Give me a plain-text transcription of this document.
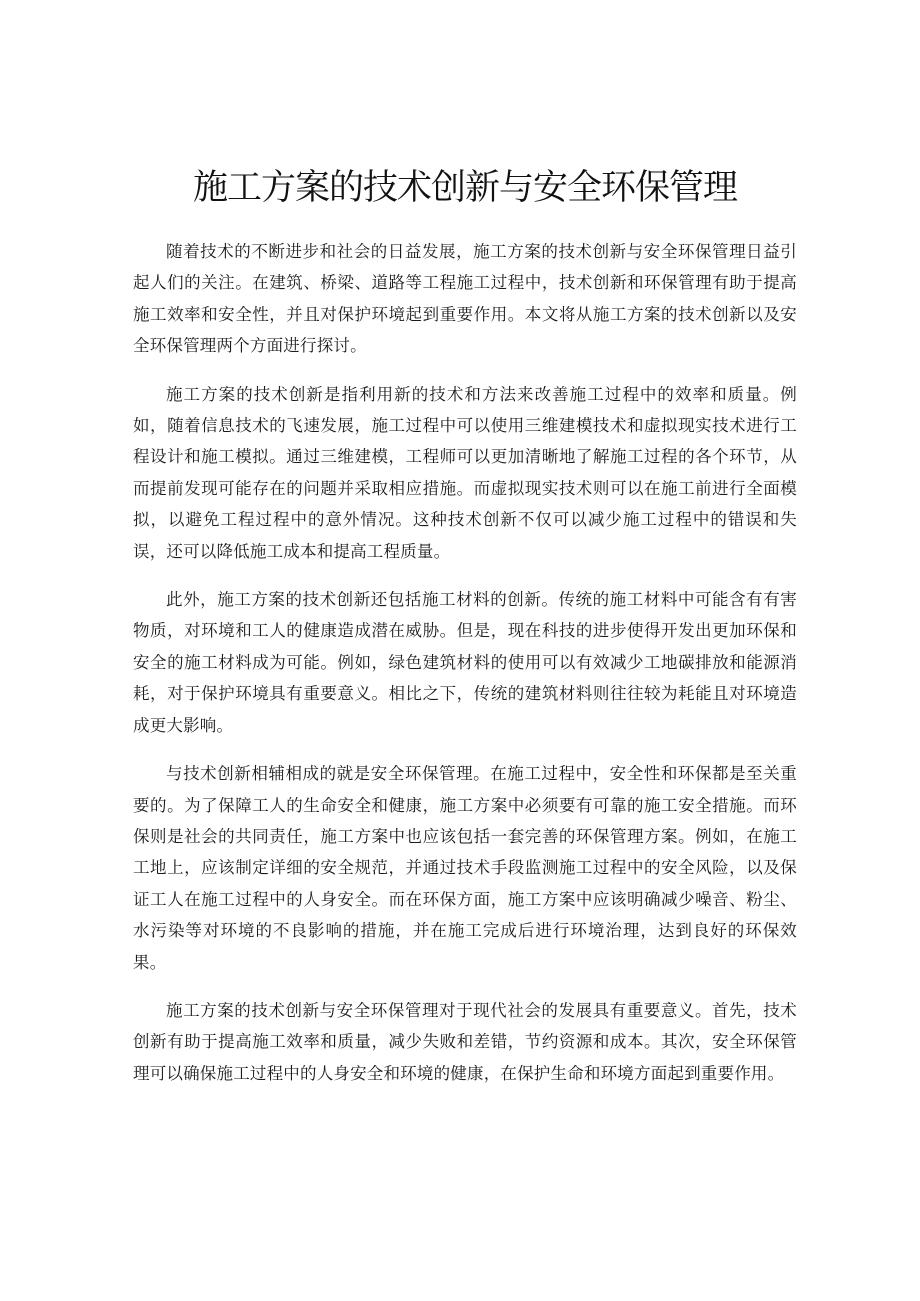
施工方案的技术创新与安全环保管理

随着技术的不断进步和社会的日益发展，施工方案的技术创新与安全环保管理日益引起人们的关注。在建筑、桥梁、道路等工程施工过程中，技术创新和环保管理有助于提高施工效率和安全性，并且对保护环境起到重要作用。本文将从施工方案的技术创新以及安全环保管理两个方面进行探讨。

施工方案的技术创新是指利用新的技术和方法来改善施工过程中的效率和质量。例如，随着信息技术的飞速发展，施工过程中可以使用三维建模技术和虚拟现实技术进行工程设计和施工模拟。通过三维建模，工程师可以更加清晰地了解施工过程的各个环节，从而提前发现可能存在的问题并采取相应措施。而虚拟现实技术则可以在施工前进行全面模拟，以避免工程过程中的意外情况。这种技术创新不仅可以减少施工过程中的错误和失误，还可以降低施工成本和提高工程质量。

此外，施工方案的技术创新还包括施工材料的创新。传统的施工材料中可能含有有害物质，对环境和工人的健康造成潜在威胁。但是，现在科技的进步使得开发出更加环保和安全的施工材料成为可能。例如，绿色建筑材料的使用可以有效减少工地碳排放和能源消耗，对于保护环境具有重要意义。相比之下，传统的建筑材料则往往较为耗能且对环境造成更大影响。

与技术创新相辅相成的就是安全环保管理。在施工过程中，安全性和环保都是至关重要的。为了保障工人的生命安全和健康，施工方案中必须要有可靠的施工安全措施。而环保则是社会的共同责任，施工方案中也应该包括一套完善的环保管理方案。例如，在施工工地上，应该制定详细的安全规范，并通过技术手段监测施工过程中的安全风险，以及保证工人在施工过程中的人身安全。而在环保方面，施工方案中应该明确减少噪音、粉尘、水污染等对环境的不良影响的措施，并在施工完成后进行环境治理，达到良好的环保效果。

施工方案的技术创新与安全环保管理对于现代社会的发展具有重要意义。首先，技术创新有助于提高施工效率和质量，减少失败和差错，节约资源和成本。其次，安全环保管理可以确保施工过程中的人身安全和环境的健康，在保护生命和环境方面起到重要作用。
